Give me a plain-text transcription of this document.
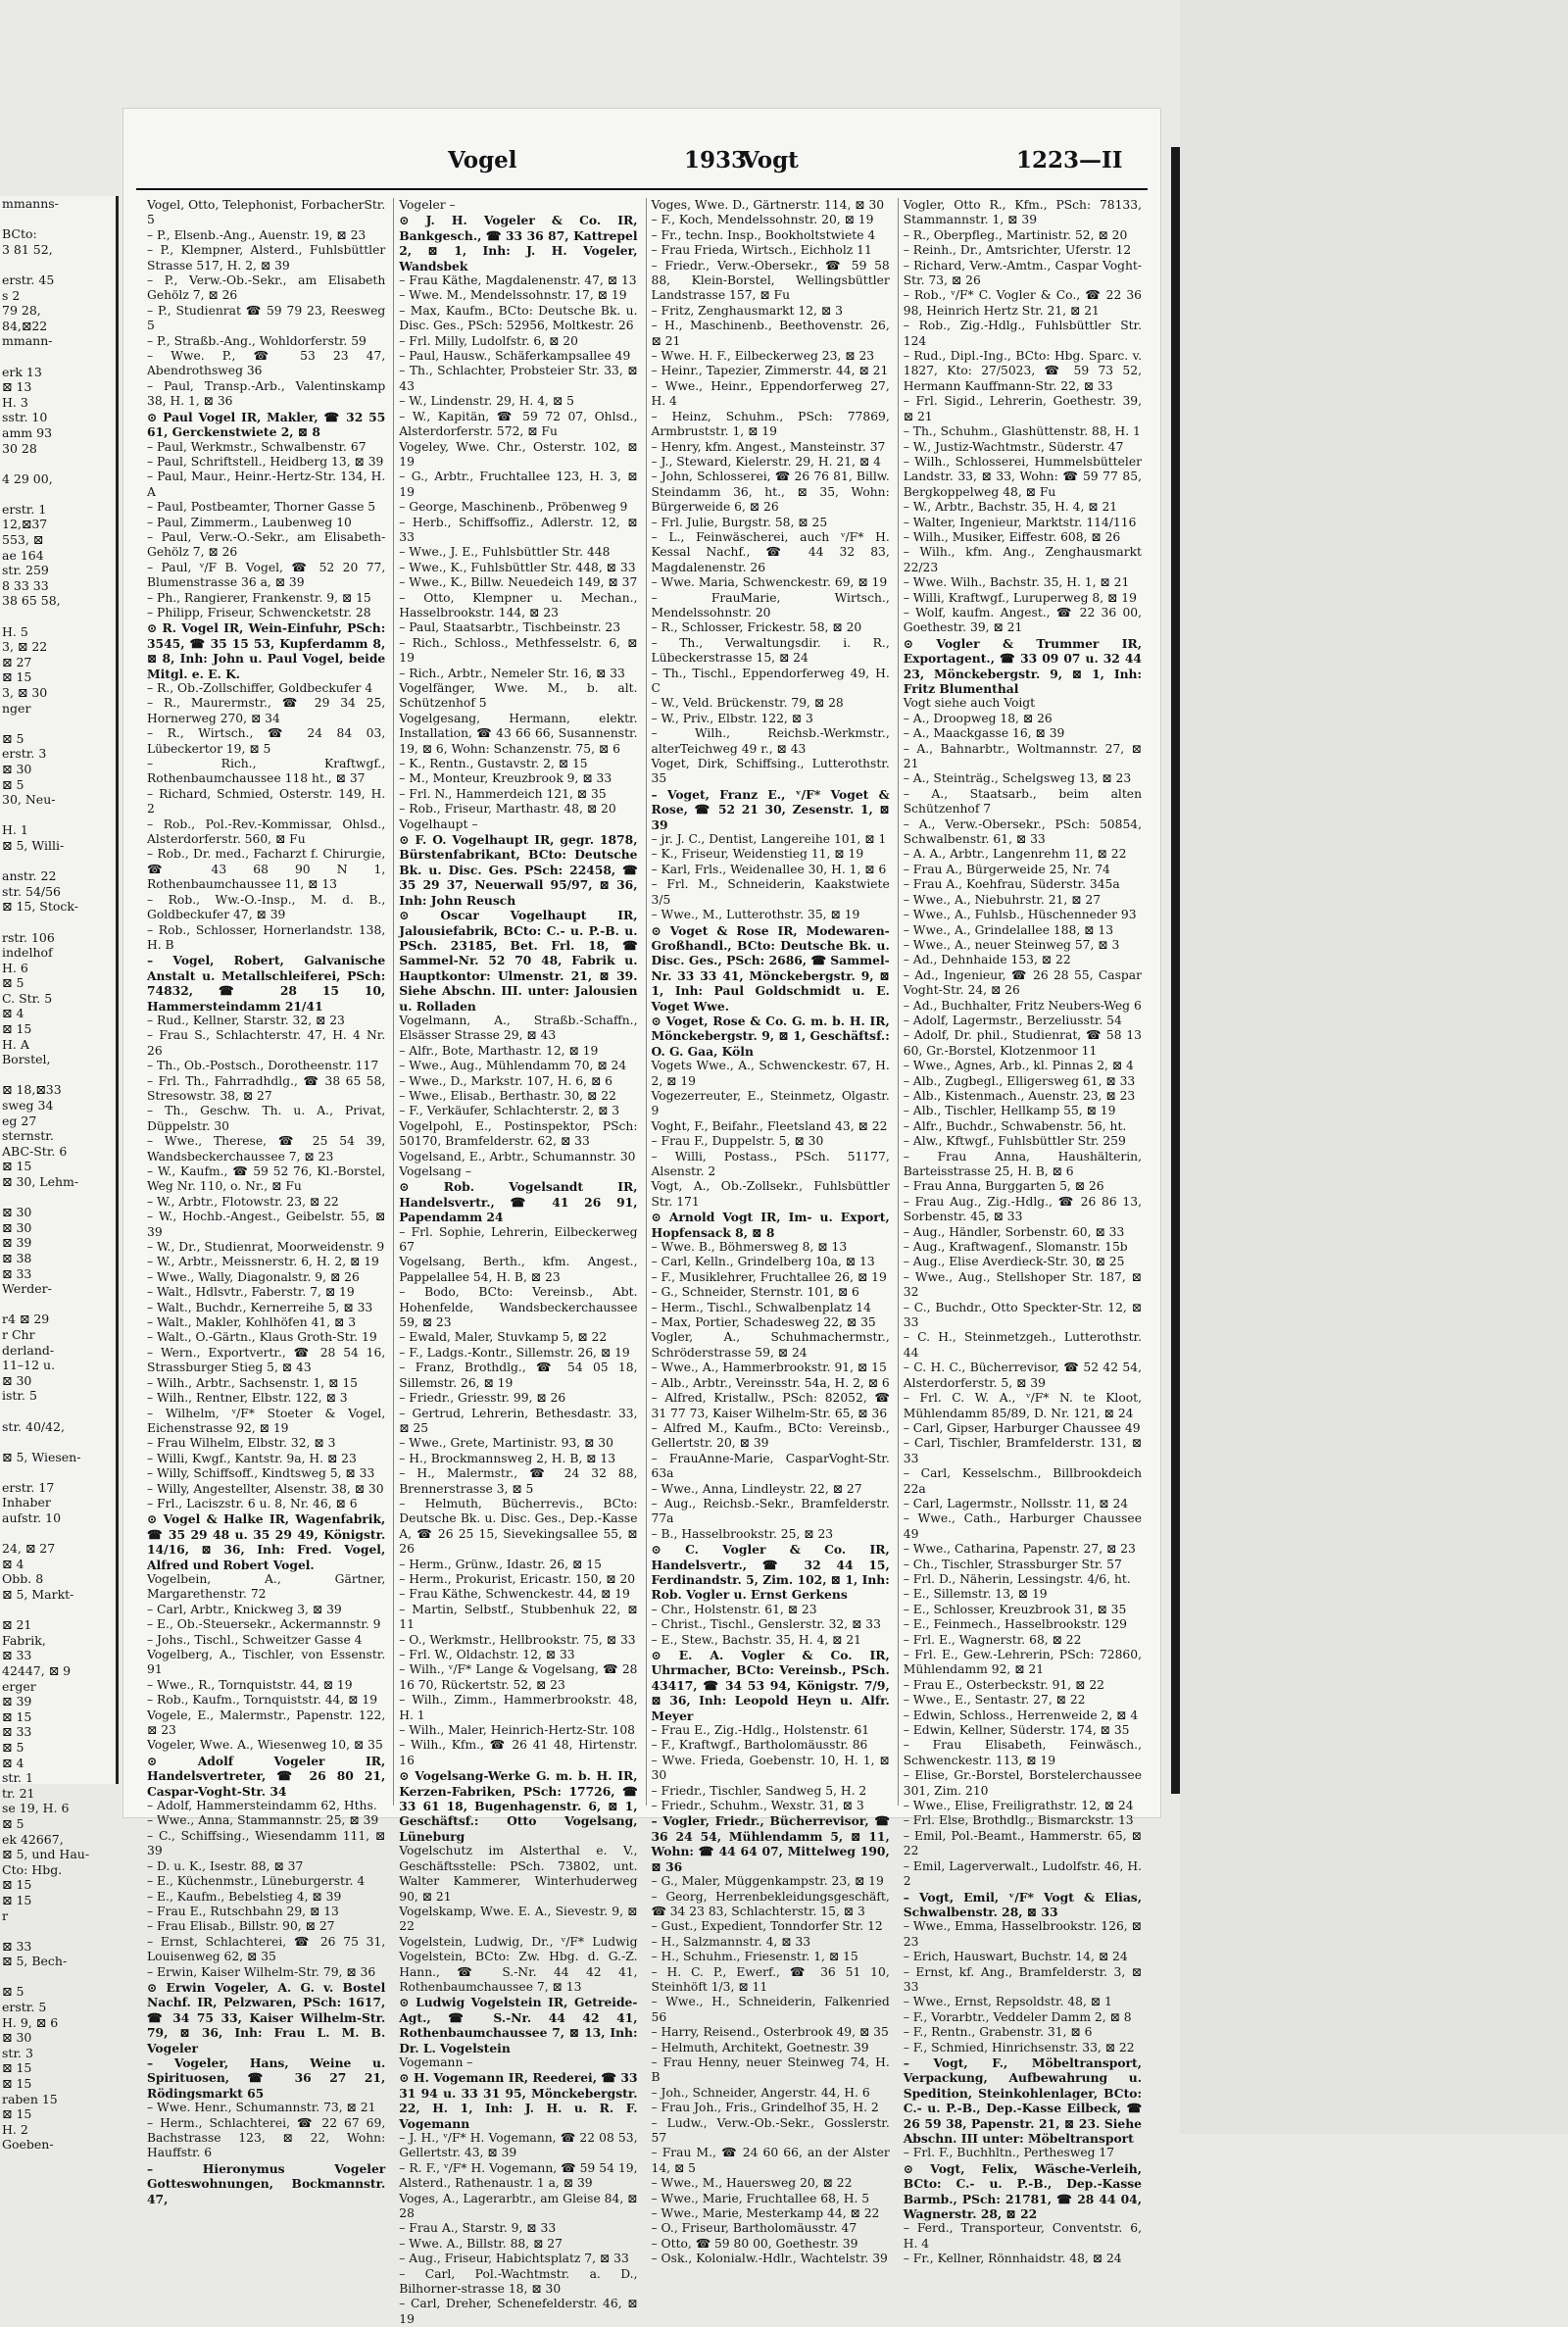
mmanns-

BCto:
3 81 52,

erstr. 45
s 2
79 28,
84,⊠22
mmann-

erk 13
⊠ 13
H. 3
sstr. 10
amm 93
30 28

4 29 00,

erstr. 1
12,⊠37
553, ⊠
ae 164
str. 259
8 33 33
38 65 58,

H. 5
3, ⊠ 22
⊠ 27
⊠ 15
3, ⊠ 30
nger

⊠ 5
erstr. 3
⊠ 30
⊠ 5
30, Neu-

H. 1
⊠ 5, Willi-

anstr. 22
str. 54/56
⊠ 15, Stock-

rstr. 106
indelhof
H. 6
⊠ 5
C. Str. 5
⊠ 4
⊠ 15
H. A
Borstel,

⊠ 18,⊠33
sweg 34
eg 27
sternstr.
ABC-Str. 6
⊠ 15
⊠ 30, Lehm-

⊠ 30
⊠ 30
⊠ 39
⊠ 38
⊠ 33
Werder-

r4 ⊠ 29
r Chr
derland-
11–12 u.
⊠ 30
istr. 5

str. 40/42,

⊠ 5, Wiesen-

erstr. 17
Inhaber
aufstr. 10

24, ⊠ 27
⊠ 4
Obb. 8
⊠ 5, Markt-

⊠ 21
Fabrik,
⊠ 33
42447, ⊠ 9
erger
⊠ 39
⊠ 15
⊠ 33
⊠ 5
⊠ 4
str. 1
tr. 21
se 19, H. 6
⊠ 5
ek 42667,
⊠ 5, und Hau-
Cto: Hbg.
⊠ 15
⊠ 15
r

⊠ 33
⊠ 5, Bech-

⊠ 5
erstr. 5
H. 9, ⊠ 6
⊠ 30
str. 3
⊠ 15
⊠ 15
raben 15
⊠ 15
H. 2
Goeben-
Vogel	1933
Vogt	1223—II
Vogel, Otto, Telephonist, ForbacherStr. 5
– P., Elsenb.-Ang., Auenstr. 19, ⊠ 23
– P., Klempner, Alsterd., Fuhlsbüttler Strasse 517, H. 2, ⊠ 39
– P., Verw.-Ob.-Sekr., am Elisabeth Gehölz 7, ⊠ 26
– P., Studienrat ☎ 59 79 23, Reesweg 5
– P., Straßb.-Ang., Wohldorferstr. 59
– Wwe. P., ☎ 53 23 47, Abendrothsweg 36
– Paul, Transp.-Arb., Valentinskamp 38, H. 1, ⊠ 36
⊙ Paul Vogel IR, Makler, ☎ 32 55 61, Gerckenstwiete 2, ⊠ 8
– Paul, Werkmstr., Schwalbenstr. 67
– Paul, Schriftstell., Heidberg 13, ⊠ 39
– Paul, Maur., Heinr.-Hertz-Str. 134, H. A
– Paul, Postbeamter, Thorner Gasse 5
– Paul, Zimmerm., Laubenweg 10
– Paul, Verw.-O.-Sekr., am Elisabeth-Gehölz 7, ⊠ 26
– Paul, ᵛ/F B. Vogel, ☎ 52 20 77, Blumenstrasse 36 a, ⊠ 39
– Ph., Rangierer, Frankenstr. 9, ⊠ 15
– Philipp, Friseur, Schwencketstr. 28
⊙ R. Vogel IR, Wein-Einfuhr, PSch: 3545, ☎ 35 15 53, Kupferdamm 8, ⊠ 8, Inh: John u. Paul Vogel, beide Mitgl. e. E. K.
– R., Ob.-Zollschiffer, Goldbeckufer 4
– R., Maurermstr., ☎ 29 34 25, Hornerweg 270, ⊠ 34
– R., Wirtsch., ☎ 24 84 03, Lübeckertor 19, ⊠ 5
– Rich., Kraftwgf., Rothenbaumchaussee 118 ht., ⊠ 37
– Richard, Schmied, Osterstr. 149, H. 2
– Rob., Pol.-Rev.-Kommissar, Ohlsd., Alsterdorferstr. 560, ⊠ Fu
– Rob., Dr. med., Facharzt f. Chirurgie, ☎ 43 68 90 N 1, Rothenbaumchaussee 11, ⊠ 13
– Rob., Ww.-O.-Insp., M. d. B., Goldbeckufer 47, ⊠ 39
– Rob., Schlosser, Hornerlandstr. 138, H. B
– Vogel, Robert, Galvanische Anstalt u. Metallschleiferei, PSch: 74832, ☎ 28 15 10, Hammersteindamm 21/41
– Rud., Kellner, Starstr. 32, ⊠ 23
– Frau S., Schlachterstr. 47, H. 4 Nr. 26
– Th., Ob.-Postsch., Dorotheenstr. 117
– Frl. Th., Fahrradhdlg., ☎ 38 65 58, Stresowstr. 38, ⊠ 27
– Th., Geschw. Th. u. A., Privat, Düppelstr. 30
– Wwe., Therese, ☎ 25 54 39, Wandsbeckerchaussee 7, ⊠ 23
– W., Kaufm., ☎ 59 52 76, Kl.-Borstel, Weg Nr. 110, o. Nr., ⊠ Fu
– W., Arbtr., Flotowstr. 23, ⊠ 22
– W., Hochb.-Angest., Geibelstr. 55, ⊠ 39
– W., Dr., Studienrat, Moorweidenstr. 9
– W., Arbtr., Meissnerstr. 6, H. 2, ⊠ 19
– Wwe., Wally, Diagonalstr. 9, ⊠ 26
– Walt., Hdlsvtr., Faberstr. 7, ⊠ 19
– Walt., Buchdr., Kernerreihe 5, ⊠ 33
– Walt., Makler, Kohlhöfen 41, ⊠ 3
– Walt., O.-Gärtn., Klaus Groth-Str. 19
– Wern., Exportvertr., ☎ 28 54 16, Strassburger Stieg 5, ⊠ 43
– Wilh., Arbtr., Sachsenstr. 1, ⊠ 15
– Wilh., Rentner, Elbstr. 122, ⊠ 3
– Wilhelm, ᵛ/F* Stoeter & Vogel, Eichenstrasse 92, ⊠ 19
– Frau Wilhelm, Elbstr. 32, ⊠ 3
– Willi, Kwgf., Kantstr. 9a, H. ⊠ 23
– Willy, Schiffsoff., Kindtsweg 5, ⊠ 33
– Willy, Angestellter, Alsenstr. 38, ⊠ 30
– Frl., Laciszstr. 6 u. 8, Nr. 46, ⊠ 6
⊙ Vogel & Halke IR, Wagenfabrik, ☎ 35 29 48 u. 35 29 49, Königstr. 14/16, ⊠ 36, Inh: Fred. Vogel, Alfred und Robert Vogel.
Vogelbein, A., Gärtner, Margarethenstr. 72
– Carl, Arbtr., Knickweg 3, ⊠ 39
– E., Ob.-Steuersekr., Ackermannstr. 9
– Johs., Tischl., Schweitzer Gasse 4
Vogelberg, A., Tischler, von Essenstr. 91
– Wwe., R., Tornquiststr. 44, ⊠ 19
– Rob., Kaufm., Tornquiststr. 44, ⊠ 19
Vogele, E., Malermstr., Papenstr. 122, ⊠ 23
Vogeler, Wwe. A., Wiesenweg 10, ⊠ 35
⊙ Adolf Vogeler IR, Handelsvertreter, ☎ 26 80 21, Caspar-Voght-Str. 34
– Adolf, Hammersteindamm 62, Hths.
– Wwe., Anna, Stammannstr. 25, ⊠ 39
– C., Schiffsing., Wiesendamm 111, ⊠ 39
– D. u. K., Isestr. 88, ⊠ 37
– E., Küchenmstr., Lüneburgerstr. 4
– E., Kaufm., Bebelstieg 4, ⊠ 39
– Frau E., Rutschbahn 29, ⊠ 13
– Frau Elisab., Billstr. 90, ⊠ 27
– Ernst, Schlachterei, ☎ 26 75 31, Louisenweg 62, ⊠ 35
– Erwin, Kaiser Wilhelm-Str. 79, ⊠ 36
⊙ Erwin Vogeler, A. G. v. Bostel Nachf. IR, Pelzwaren, PSch: 1617, ☎ 34 75 33, Kaiser Wilhelm-Str. 79, ⊠ 36, Inh: Frau L. M. B. Vogeler
– Vogeler, Hans, Weine u. Spirituosen, ☎ 36 27 21, Rödingsmarkt 65
– Wwe. Henr., Schumannstr. 73, ⊠ 21
– Herm., Schlachterei, ☎ 22 67 69, Bachstrasse 123, ⊠ 22, Wohn: Hauffstr. 6
– Hieronymus Vogeler Gotteswohnungen, Bockmannstr. 47,
Vogeler –
⊙ J. H. Vogeler & Co. IR, Bankgesch., ☎ 33 36 87, Kattrepel 2, ⊠ 1, Inh: J. H. Vogeler, Wandsbek
– Frau Käthe, Magdalenenstr. 47, ⊠ 13
– Wwe. M., Mendelssohnstr. 17, ⊠ 19
– Max, Kaufm., BCto: Deutsche Bk. u. Disc. Ges., PSch: 52956, Moltkestr. 26
– Frl. Milly, Ludolfstr. 6, ⊠ 20
– Paul, Hausw., Schäferkampsallee 49
– Th., Schlachter, Probsteier Str. 33, ⊠ 43
– W., Lindenstr. 29, H. 4, ⊠ 5
– W., Kapitän, ☎ 59 72 07, Ohlsd., Alsterdorferstr. 572, ⊠ Fu
Vogeley, Wwe. Chr., Osterstr. 102, ⊠ 19
– G., Arbtr., Fruchtallee 123, H. 3, ⊠ 19
– George, Maschinenb., Pröbenweg 9
– Herb., Schiffsoffiz., Adlerstr. 12, ⊠ 33
– Wwe., J. E., Fuhlsbüttler Str. 448
– Wwe., K., Fuhlsbüttler Str. 448, ⊠ 33
– Wwe., K., Billw. Neuedeich 149, ⊠ 37
– Otto, Klempner u. Mechan., Hasselbrookstr. 144, ⊠ 23
– Paul, Staatsarbtr., Tischbeinstr. 23
– Rich., Schloss., Methfesselstr. 6, ⊠ 19
– Rich., Arbtr., Nemeler Str. 16, ⊠ 33
Vogelfänger, Wwe. M., b. alt. Schützenhof 5
Vogelgesang, Hermann, elektr. Installation, ☎ 43 66 66, Susannenstr. 19, ⊠ 6, Wohn: Schanzenstr. 75, ⊠ 6
– K., Rentn., Gustavstr. 2, ⊠ 15
– M., Monteur, Kreuzbrook 9, ⊠ 33
– Frl. N., Hammerdeich 121, ⊠ 35
– Rob., Friseur, Marthastr. 48, ⊠ 20
Vogelhaupt –
⊙ F. O. Vogelhaupt IR, gegr. 1878, Bürstenfabrikant, BCto: Deutsche Bk. u. Disc. Ges. PSch: 22458, ☎ 35 29 37, Neuerwall 95/97, ⊠ 36, Inh: John Reusch
⊙ Oscar Vogelhaupt IR, Jalousiefabrik, BCto: C.- u. P.-B. u. PSch. 23185, Bet. Frl. 18, ☎ Sammel-Nr. 52 70 48, Fabrik u. Hauptkontor: Ulmenstr. 21, ⊠ 39. Siehe Abschn. III. unter: Jalousien u. Rolladen
Vogelmann, A., Straßb.-Schaffn., Elsässer Strasse 29, ⊠ 43
– Alfr., Bote, Marthastr. 12, ⊠ 19
– Wwe., Aug., Mühlendamm 70, ⊠ 24
– Wwe., D., Markstr. 107, H. 6, ⊠ 6
– Wwe., Elisab., Berthastr. 30, ⊠ 22
– F., Verkäufer, Schlachterstr. 2, ⊠ 3
Vogelpohl, E., Postinspektor, PSch: 50170, Bramfelderstr. 62, ⊠ 33
Vogelsand, E., Arbtr., Schumannstr. 30
Vogelsang –
⊙ Rob. Vogelsandt IR, Handelsvertr., ☎ 41 26 91, Papendamm 24
– Frl. Sophie, Lehrerin, Eilbeckerweg 67
Vogelsang, Berth., kfm. Angest., Pappelallee 54, H. B, ⊠ 23
– Bodo, BCto: Vereinsb., Abt. Hohenfelde, Wandsbeckerchaussee 59, ⊠ 23
– Ewald, Maler, Stuvkamp 5, ⊠ 22
– F., Ladgs.-Kontr., Sillemstr. 26, ⊠ 19
– Franz, Brothdlg., ☎ 54 05 18, Sillemstr. 26, ⊠ 19
– Friedr., Griesstr. 99, ⊠ 26
– Gertrud, Lehrerin, Bethesdastr. 33, ⊠ 25
– Wwe., Grete, Martinistr. 93, ⊠ 30
– H., Brockmannsweg 2, H. B, ⊠ 13
– H., Malermstr., ☎ 24 32 88, Brennerstrasse 3, ⊠ 5
– Helmuth, Bücherrevis., BCto: Deutsche Bk. u. Disc. Ges., Dep.-Kasse A, ☎ 26 25 15, Sievekingsallee 55, ⊠ 26
– Herm., Grünw., Idastr. 26, ⊠ 15
– Herm., Prokurist, Ericastr. 150, ⊠ 20
– Frau Käthe, Schwenckestr. 44, ⊠ 19
– Martin, Selbstf., Stubbenhuk 22, ⊠ 11
– O., Werkmstr., Hellbrookstr. 75, ⊠ 33
– Frl. W., Oldachstr. 12, ⊠ 33
– Wilh., ᵛ/F* Lange & Vogelsang, ☎ 28 16 70, Rückertstr. 52, ⊠ 23
– Wilh., Zimm., Hammerbrookstr. 48, H. 1
– Wilh., Maler, Heinrich-Hertz-Str. 108
– Wilh., Kfm., ☎ 26 41 48, Hirtenstr. 16
⊙ Vogelsang-Werke G. m. b. H. IR, Kerzen-Fabriken, PSch: 17726, ☎ 33 61 18, Bugenhagenstr. 6, ⊠ 1, Geschäftsf.: Otto Vogelsang, Lüneburg
Vogelschutz im Alsterthal e. V., Geschäftsstelle: PSch. 73802, unt. Walter Kammerer, Winterhuderweg 90, ⊠ 21
Vogelskamp, Wwe. E. A., Sievestr. 9, ⊠ 22
Vogelstein, Ludwig, Dr., ᵛ/F* Ludwig Vogelstein, BCto: Zw. Hbg. d. G.-Z. Hann., ☎ S.-Nr. 44 42 41, Rothenbaumchaussee 7, ⊠ 13
⊙ Ludwig Vogelstein IR, Getreide-Agt., ☎ S.-Nr. 44 42 41, Rothenbaumchaussee 7, ⊠ 13, Inh: Dr. L. Vogelstein
Vogemann –
⊙ H. Vogemann IR, Reederei, ☎ 33 31 94 u. 33 31 95, Mönckebergstr. 22, H. 1, Inh: J. H. u. R. F. Vogemann
– J. H., ᵛ/F* H. Vogemann, ☎ 22 08 53, Gellertstr. 43, ⊠ 39
– R. F., ᵛ/F* H. Vogemann, ☎ 59 54 19, Alsterd., Rathenaustr. 1 a, ⊠ 39
Voges, A., Lagerarbtr., am Gleise 84, ⊠ 28
– Frau A., Starstr. 9, ⊠ 33
– Wwe. A., Billstr. 88, ⊠ 27
– Aug., Friseur, Habichtsplatz 7, ⊠ 33
– Carl, Pol.-Wachtmstr. a. D., Bilhorner-strasse 18, ⊠ 30
– Carl, Dreher, Schenefelderstr. 46, ⊠ 19
Voges, Wwe. D., Gärtnerstr. 114, ⊠ 30
– F., Koch, Mendelssohnstr. 20, ⊠ 19
– Fr., techn. Insp., Bookholtstwiete 4
– Frau Frieda, Wirtsch., Eichholz 11
– Friedr., Verw.-Obersekr., ☎ 59 58 88, Klein-Borstel, Wellingsbüttler Landstrasse 157, ⊠ Fu
– Fritz, Zenghausmarkt 12, ⊠ 3
– H., Maschinenb., Beethovenstr. 26, ⊠ 21
– Wwe. H. F., Eilbeckerweg 23, ⊠ 23
– Heinr., Tapezier, Zimmerstr. 44, ⊠ 21
– Wwe., Heinr., Eppendorferweg 27, H. 4
– Heinz, Schuhm., PSch: 77869, Armbruststr. 1, ⊠ 19
– Henry, kfm. Angest., Mansteinstr. 37
– J., Steward, Kielerstr. 29, H. 21, ⊠ 4
– John, Schlosserei, ☎ 26 76 81, Billw. Steindamm 36, ht., ⊠ 35, Wohn: Bürgerweide 6, ⊠ 26
– Frl. Julie, Burgstr. 58, ⊠ 25
– L., Feinwäscherei, auch ᵛ/F* H. Kessal Nachf., ☎ 44 32 83, Magdalenenstr. 26
– Wwe. Maria, Schwenckestr. 69, ⊠ 19
– FrauMarie, Wirtsch., Mendelssohnstr. 20
– R., Schlosser, Frickestr. 58, ⊠ 20
– Th., Verwaltungsdir. i. R., Lübeckerstrasse 15, ⊠ 24
– Th., Tischl., Eppendorferweg 49, H. C
– W., Veld. Brückenstr. 79, ⊠ 28
– W., Priv., Elbstr. 122, ⊠ 3
– Wilh., Reichsb.-Werkmstr., alterTeichweg 49 r., ⊠ 43
Voget, Dirk, Schiffsing., Lutterothstr. 35
– Voget, Franz E., ᵛ/F* Voget & Rose, ☎ 52 21 30, Zesenstr. 1, ⊠ 39
– jr. J. C., Dentist, Langereihe 101, ⊠ 1
– K., Friseur, Weidenstieg 11, ⊠ 19
– Karl, Frls., Weidenallee 30, H. 1, ⊠ 6
– Frl. M., Schneiderin, Kaakstwiete 3/5
– Wwe., M., Lutterothstr. 35, ⊠ 19
⊙ Voget & Rose IR, Modewaren-Großhandl., BCto: Deutsche Bk. u. Disc. Ges., PSch: 2686, ☎ Sammel-Nr. 33 33 41, Mönckebergstr. 9, ⊠ 1, Inh: Paul Goldschmidt u. E. Voget Wwe.
⊙ Voget, Rose & Co. G. m. b. H. IR, Mönckebergstr. 9, ⊠ 1, Geschäftsf.: O. G. Gaa, Köln
Vogets Wwe., A., Schwenckestr. 67, H. 2, ⊠ 19
Vogezerreuter, E., Steinmetz, Olgastr. 9
Voght, F., Beifahr., Fleetsland 43, ⊠ 22
– Frau F., Duppelstr. 5, ⊠ 30
– Willi, Postass., PSch. 51177, Alsenstr. 2
Vogt, A., Ob.-Zollsekr., Fuhlsbüttler Str. 171
⊙ Arnold Vogt IR, Im- u. Export, Hopfensack 8, ⊠ 8
– Wwe. B., Böhmersweg 8, ⊠ 13
– Carl, Kelln., Grindelberg 10a, ⊠ 13
– F., Musiklehrer, Fruchtallee 26, ⊠ 19
– G., Schneider, Sternstr. 101, ⊠ 6
– Herm., Tischl., Schwalbenplatz 14
– Max, Portier, Schadesweg 22, ⊠ 35
Vogler, A., Schuhmachermstr., Schröderstrasse 59, ⊠ 24
– Wwe., A., Hammerbrookstr. 91, ⊠ 15
– Alb., Arbtr., Vereinsstr. 54a, H. 2, ⊠ 6
– Alfred, Kristallw., PSch: 82052, ☎ 31 77 73, Kaiser Wilhelm-Str. 65, ⊠ 36
– Alfred M., Kaufm., BCto: Vereinsb., Gellertstr. 20, ⊠ 39
– FrauAnne-Marie, CasparVoght-Str. 63a
– Wwe., Anna, Lindleystr. 22, ⊠ 27
– Aug., Reichsb.-Sekr., Bramfelderstr. 77a
– B., Hasselbrookstr. 25, ⊠ 23
⊙ C. Vogler & Co. IR, Handelsvertr., ☎ 32 44 15, Ferdinandstr. 5, Zim. 102, ⊠ 1, Inh: Rob. Vogler u. Ernst Gerkens
– Chr., Holstenstr. 61, ⊠ 23
– Christ., Tischl., Genslerstr. 32, ⊠ 33
– E., Stew., Bachstr. 35, H. 4, ⊠ 21
⊙ E. A. Vogler & Co. IR, Uhrmacher, BCto: Vereinsb., PSch. 43417, ☎ 34 53 94, Königstr. 7/9, ⊠ 36, Inh: Leopold Heyn u. Alfr. Meyer
– Frau E., Zig.-Hdlg., Holstenstr. 61
– F., Kraftwgf., Bartholomäusstr. 86
– Wwe. Frieda, Goebenstr. 10, H. 1, ⊠ 30
– Friedr., Tischler, Sandweg 5, H. 2
– Friedr., Schuhm., Wexstr. 31, ⊠ 3
– Vogler, Friedr., Bücherrevisor, ☎ 36 24 54, Mühlendamm 5, ⊠ 11, Wohn: ☎ 44 64 07, Mittelweg 190, ⊠ 36
– G., Maler, Müggenkampstr. 23, ⊠ 19
– Georg, Herrenbekleidungsgeschäft, ☎ 34 23 83, Schlachterstr. 15, ⊠ 3
– Gust., Expedient, Tonndorfer Str. 12
– H., Salzmannstr. 4, ⊠ 33
– H., Schuhm., Friesenstr. 1, ⊠ 15
– H. C. P., Ewerf., ☎ 36 51 10, Steinhöft 1/3, ⊠ 11
– Wwe., H., Schneiderin, Falkenried 56
– Harry, Reisend., Osterbrook 49, ⊠ 35
– Helmuth, Architekt, Goetnestr. 39
– Frau Henny, neuer Steinweg 74, H. B
– Joh., Schneider, Angerstr. 44, H. 6
– Frau Joh., Fris., Grindelhof 35, H. 2
– Ludw., Verw.-Ob.-Sekr., Gosslerstr. 57
– Frau M., ☎ 24 60 66, an der Alster 14, ⊠ 5
– Wwe., M., Hauersweg 20, ⊠ 22
– Wwe., Marie, Fruchtallee 68, H. 5
– Wwe., Marie, Mesterkamp 44, ⊠ 22
– O., Friseur, Bartholomäusstr. 47
– Otto, ☎ 59 80 00, Goethestr. 39
– Osk., Kolonialw.-Hdlr., Wachtelstr. 39
Vogler, Otto R., Kfm., PSch: 78133, Stammannstr. 1, ⊠ 39
– R., Oberpfleg., Martinistr. 52, ⊠ 20
– Reinh., Dr., Amtsrichter, Uferstr. 12
– Richard, Verw.-Amtm., Caspar Voght-Str. 73, ⊠ 26
– Rob., ᵛ/F* C. Vogler & Co., ☎ 22 36 98, Heinrich Hertz Str. 21, ⊠ 21
– Rob., Zig.-Hdlg., Fuhlsbüttler Str. 124
– Rud., Dipl.-Ing., BCto: Hbg. Sparc. v. 1827, Kto: 27/5023, ☎ 59 73 52, Hermann Kauffmann-Str. 22, ⊠ 33
– Frl. Sigid., Lehrerin, Goethestr. 39, ⊠ 21
– Th., Schuhm., Glashüttenstr. 88, H. 1
– W., Justiz-Wachtmstr., Süderstr. 47
– Wilh., Schlosserei, Hummelsbütteler Landstr. 33, ⊠ 33, Wohn: ☎ 59 77 85, Bergkoppelweg 48, ⊠ Fu
– W., Arbtr., Bachstr. 35, H. 4, ⊠ 21
– Walter, Ingenieur, Marktstr. 114/116
– Wilh., Musiker, Eiffestr. 608, ⊠ 26
– Wilh., kfm. Ang., Zenghausmarkt 22/23
– Wwe. Wilh., Bachstr. 35, H. 1, ⊠ 21
– Willi, Kraftwgf., Luruperweg 8, ⊠ 19
– Wolf, kaufm. Angest., ☎ 22 36 00, Goethestr. 39, ⊠ 21
⊙ Vogler & Trummer IR, Exportagent., ☎ 33 09 07 u. 32 44 23, Mönckebergstr. 9, ⊠ 1, Inh: Fritz Blumenthal
Vogt siehe auch Voigt
– A., Droopweg 18, ⊠ 26
– A., Maackgasse 16, ⊠ 39
– A., Bahnarbtr., Woltmannstr. 27, ⊠ 21
– A., Steinträg., Schelgsweg 13, ⊠ 23
– A., Staatsarb., beim alten Schützenhof 7
– A., Verw.-Obersekr., PSch: 50854, Schwalbenstr. 61, ⊠ 33
– A. A., Arbtr., Langenrehm 11, ⊠ 22
– Frau A., Bürgerweide 25, Nr. 74
– Frau A., Koehfrau, Süderstr. 345a
– Wwe., A., Niebuhrstr. 21, ⊠ 27
– Wwe., A., Fuhlsb., Hüschenneder 93
– Wwe., A., Grindelallee 188, ⊠ 13
– Wwe., A., neuer Steinweg 57, ⊠ 3
– Ad., Dehnhaide 153, ⊠ 22
– Ad., Ingenieur, ☎ 26 28 55, Caspar Voght-Str. 24, ⊠ 26
– Ad., Buchhalter, Fritz Neubers-Weg 6
– Adolf, Lagermstr., Berzeliusstr. 54
– Adolf, Dr. phil., Studienrat, ☎ 58 13 60, Gr.-Borstel, Klotzenmoor 11
– Wwe., Agnes, Arb., kl. Pinnas 2, ⊠ 4
– Alb., Zugbegl., Elligersweg 61, ⊠ 33
– Alb., Kistenmach., Auenstr. 23, ⊠ 23
– Alb., Tischler, Hellkamp 55, ⊠ 19
– Alfr., Buchdr., Schwabenstr. 56, ht.
– Alw., Kftwgf., Fuhlsbüttler Str. 259
– Frau Anna, Haushälterin, Barteisstrasse 25, H. B, ⊠ 6
– Frau Anna, Burggarten 5, ⊠ 26
– Frau Aug., Zig.-Hdlg., ☎ 26 86 13, Sorbenstr. 45, ⊠ 33
– Aug., Händler, Sorbenstr. 60, ⊠ 33
– Aug., Kraftwagenf., Slomanstr. 15b
– Aug., Elise Averdieck-Str. 30, ⊠ 25
– Wwe., Aug., Stellshoper Str. 187, ⊠ 32
– C., Buchdr., Otto Speckter-Str. 12, ⊠ 33
– C. H., Steinmetzgeh., Lutterothstr. 44
– C. H. C., Bücherrevisor, ☎ 52 42 54, Alsterdorferstr. 5, ⊠ 39
– Frl. C. W. A., ᵛ/F* N. te Kloot, Mühlendamm 85/89, D. Nr. 121, ⊠ 24
– Carl, Gipser, Harburger Chaussee 49
– Carl, Tischler, Bramfelderstr. 131, ⊠ 33
– Carl, Kesselschm., Billbrookdeich 22a
– Carl, Lagermstr., Nollsstr. 11, ⊠ 24
– Wwe., Cath., Harburger Chaussee 49
– Wwe., Catharina, Papenstr. 27, ⊠ 23
– Ch., Tischler, Strassburger Str. 57
– Frl. D., Näherin, Lessingstr. 4/6, ht.
– E., Sillemstr. 13, ⊠ 19
– E., Schlosser, Kreuzbrook 31, ⊠ 35
– E., Feinmech., Hasselbrookstr. 129
– Frl. E., Wagnerstr. 68, ⊠ 22
– Frl. E., Gew.-Lehrerin, PSch: 72860, Mühlendamm 92, ⊠ 21
– Frau E., Osterbeckstr. 91, ⊠ 22
– Wwe., E., Sentastr. 27, ⊠ 22
– Edwin, Schloss., Herrenweide 2, ⊠ 4
– Edwin, Kellner, Süderstr. 174, ⊠ 35
– Frau Elisabeth, Feinwäsch., Schwenckestr. 113, ⊠ 19
– Elise, Gr.-Borstel, Borstelerchaussee 301, Zim. 210
– Wwe., Elise, Freiligrathstr. 12, ⊠ 24
– Frl. Else, Brothdlg., Bismarckstr. 13
– Emil, Pol.-Beamt., Hammerstr. 65, ⊠ 22
– Emil, Lagerverwalt., Ludolfstr. 46, H. 2
– Vogt, Emil, ᵛ/F* Vogt & Elias, Schwalbenstr. 28, ⊠ 33
– Wwe., Emma, Hasselbrookstr. 126, ⊠ 23
– Erich, Hauswart, Buchstr. 14, ⊠ 24
– Ernst, kf. Ang., Bramfelderstr. 3, ⊠ 33
– Wwe., Ernst, Repsoldstr. 48, ⊠ 1
– F., Vorarbtr., Veddeler Damm 2, ⊠ 8
– F., Rentn., Grabenstr. 31, ⊠ 6
– F., Schmied, Hinrichsenstr. 33, ⊠ 22
– Vogt, F., Möbeltransport, Verpackung, Aufbewahrung u. Spedition, Steinkohlenlager, BCto: C.- u. P.-B., Dep.-Kasse Eilbeck, ☎ 26 59 38, Papenstr. 21, ⊠ 23. Siehe Abschn. III unter: Möbeltransport
– Frl. F., Buchhltn., Perthesweg 17
⊙ Vogt, Felix, Wäsche-Verleih, BCto: C.- u. P.-B., Dep.-Kasse Barmb., PSch: 21781, ☎ 28 44 04, Wagnerstr. 28, ⊠ 22
– Ferd., Transporteur, Conventstr. 6, H. 4
– Fr., Kellner, Rönnhaidstr. 48, ⊠ 24
